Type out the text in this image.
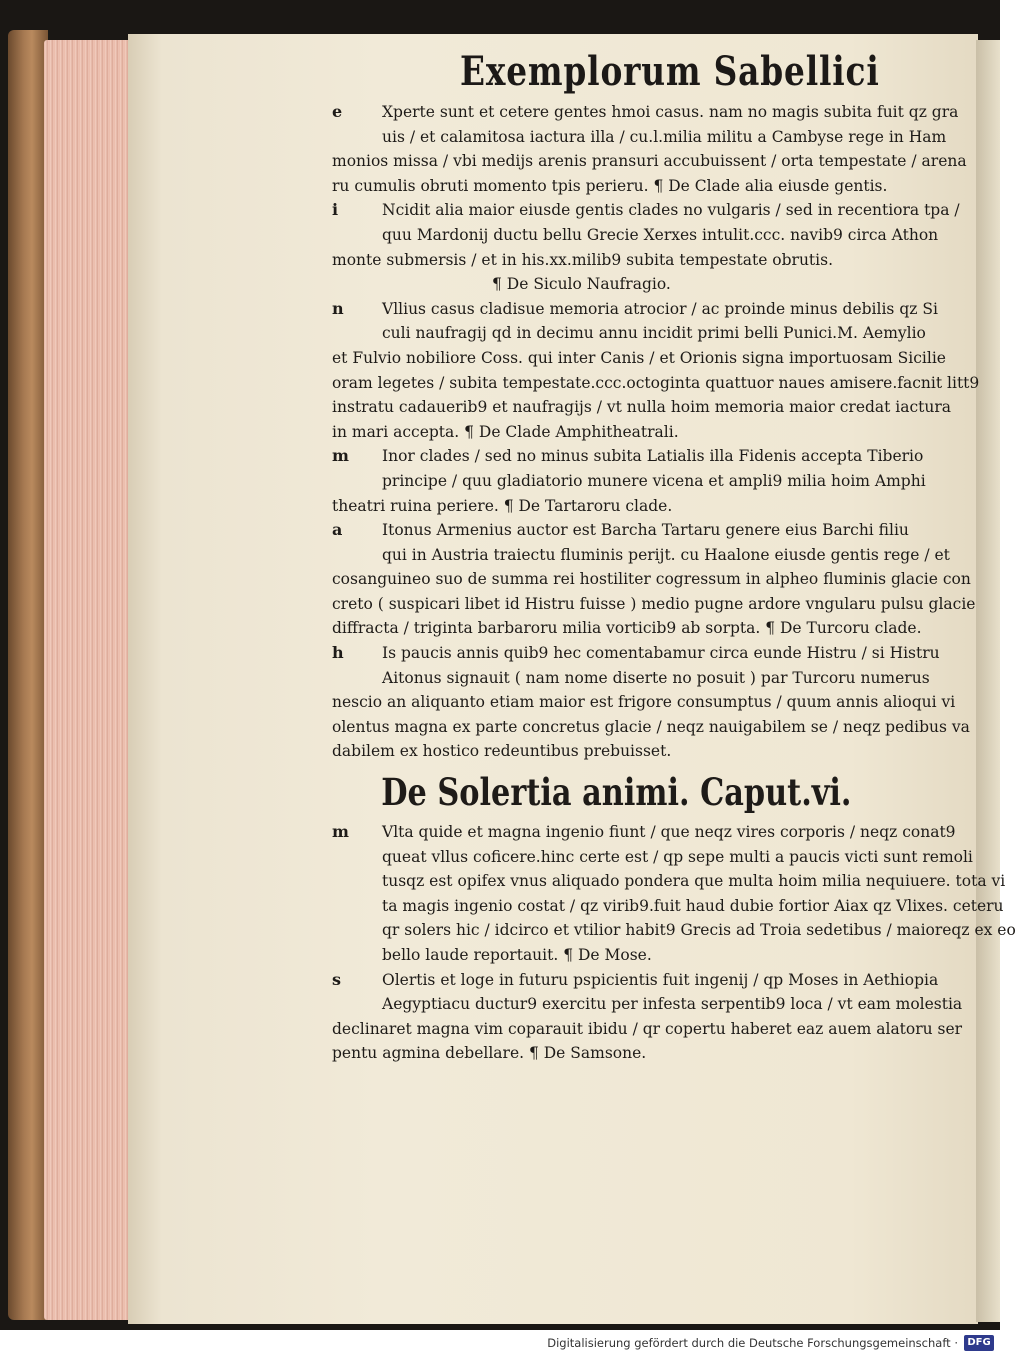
Exemplorum Sabellici
e	Xperte sunt et cetere gentes hmoi casus. nam no magis subita fuit qz gra
uis / et calamitosa iactura illa / cu.l.milia militu a Cambyse rege in Ham
monios missa / vbi medijs arenis pransuri accubuissent / orta tempestate / arena
ru cumulis obruti momento tpis perieru. ¶ De Clade alia eiusde gentis.
i	Ncidit alia maior eiusde gentis clades no vulgaris / sed in recentiora tpa /
quu Mardonij ductu bellu Grecie Xerxes intulit.ccc. navib9 circa Athon
monte submersis / et in his.xx.milib9 subita tempestate obrutis.
¶ De Siculo Naufragio.
n Vllius casus cladisue memoria atrocior / ac proinde minus debilis qz Si
culi naufragij qd in decimu annu incidit primi belli Punici.M. Aemylio
et Fulvio nobiliore Coss. qui inter Canis / et Orionis signa importuosam Sicilie
oram legetes / subita tempestate.ccc.octoginta quattuor naues amisere.facnit litt9
instratu cadauerib9 et naufragijs / vt nulla hoim memoria maior credat iactura
in mari accepta. ¶ De Clade Amphitheatrali.
m Inor clades / sed no minus subita Latialis illa Fidenis accepta Tiberio
principe / quu gladiatorio munere vicena et ampli9 milia hoim Amphi
theatri ruina periere. ¶ De Tartaroru clade.
a	Itonus Armenius auctor est Barcha Tartaru genere eius Barchi filiu
qui in Austria traiectu fluminis perijt. cu Haalone eiusde gentis rege / et
cosanguineo suo de summa rei hostiliter cogressum in alpheo fluminis glacie con
creto ( suspicari libet id Histru fuisse ) medio pugne ardore vngularu pulsu glacie
diffracta / triginta barbaroru milia vorticib9 ab sorpta. ¶ De Turcoru clade.
h Is paucis annis quib9 hec comentabamur circa eunde Histru / si Histru
Aitonus signauit ( nam nome diserte no posuit ) par Turcoru numerus
nescio an aliquanto etiam maior est frigore consumptus / quum annis alioqui vi
olentus magna ex parte concretus glacie / neqz nauigabilem se / neqz pedibus va
dabilem ex hostico redeuntibus prebuisset.
De Solertia animi. Caput.vi.
m Vlta quide et magna ingenio fiunt / que neqz vires corporis / neqz conat9
queat vllus coficere.hinc certe est / qp sepe multi a paucis victi sunt remoli
tusqz est opifex vnus aliquado pondera que multa hoim milia nequiuere. tota vi
ta magis ingenio costat / qz virib9.fuit haud dubie fortior Aiax qz Vlixes. ceteru
qr solers hic / idcirco et vtilior habit9 Grecis ad Troia sedetibus / maioreqz ex eo
bello laude reportauit. ¶ De Mose.
s	Olertis et loge in futuru pspicientis fuit ingenij / qp Moses in Aethiopia
Aegyptiacu ductur9 exercitu per infesta serpentib9 loca / vt eam molestia
declinaret magna vim coparauit ibidu / qr copertu haberet eaz auem alatoru ser
pentu agmina debellare. ¶ De Samsone.
Digitalisierung gefördert durch die Deutsche Forschungsgemeinschaft · DFG
